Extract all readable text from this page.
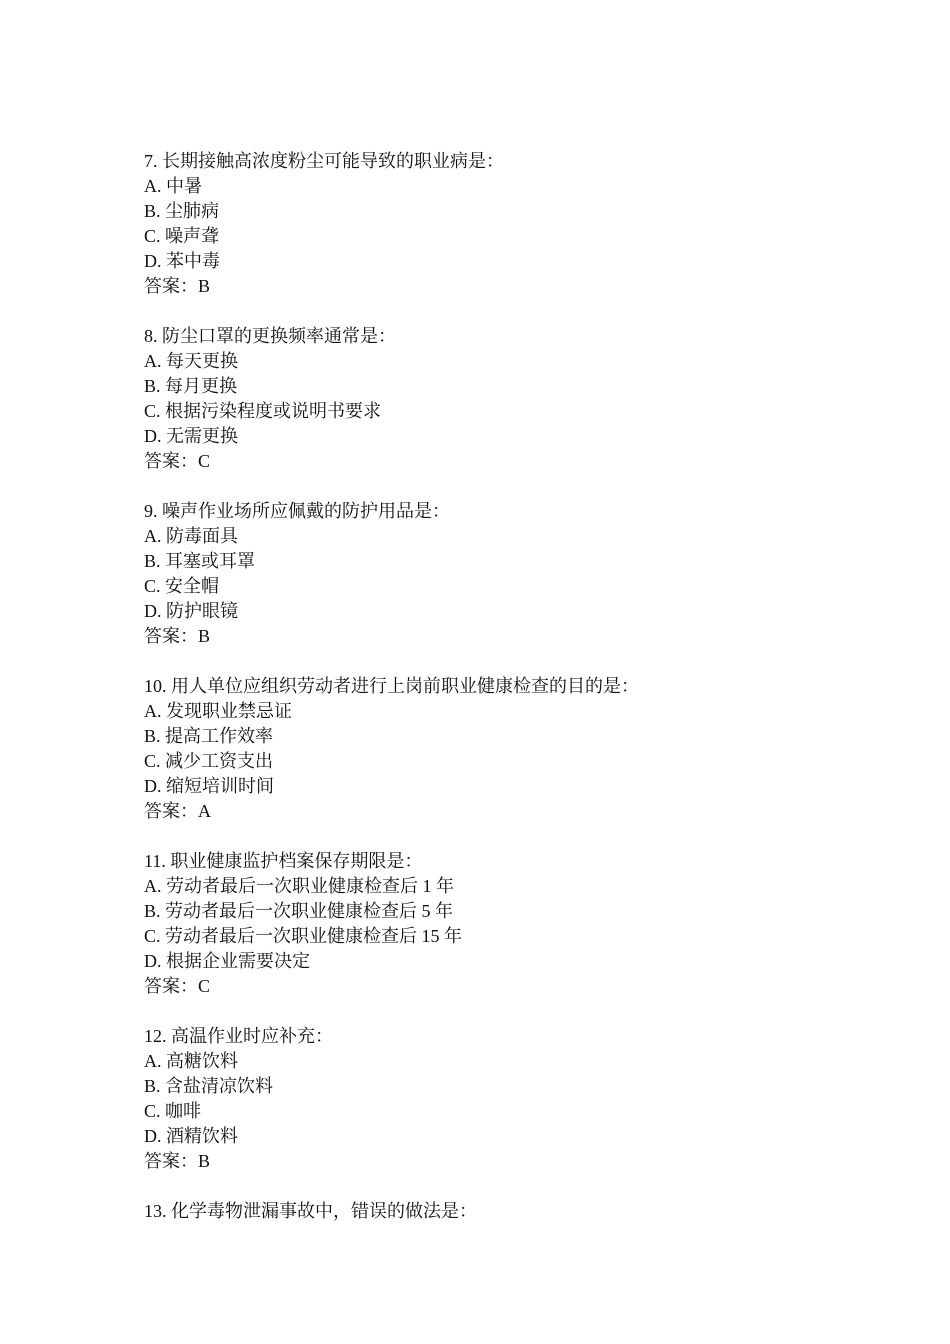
7. 长期接触高浓度粉尘可能导致的职业病是：
A. 中暑
B. 尘肺病
C. 噪声聋
D. 苯中毒
答案：B
8. 防尘口罩的更换频率通常是：
A. 每天更换
B. 每月更换
C. 根据污染程度或说明书要求
D. 无需更换
答案：C
9. 噪声作业场所应佩戴的防护用品是：
A. 防毒面具
B. 耳塞或耳罩
C. 安全帽
D. 防护眼镜
答案：B
10. 用人单位应组织劳动者进行上岗前职业健康检查的目的是：
A. 发现职业禁忌证
B. 提高工作效率
C. 减少工资支出
D. 缩短培训时间
答案：A
11. 职业健康监护档案保存期限是：
A. 劳动者最后一次职业健康检查后 1 年
B. 劳动者最后一次职业健康检查后 5 年
C. 劳动者最后一次职业健康检查后 15 年
D. 根据企业需要决定
答案：C
12. 高温作业时应补充：
A. 高糖饮料
B. 含盐清凉饮料
C. 咖啡
D. 酒精饮料
答案：B
13. 化学毒物泄漏事故中，错误的做法是：
